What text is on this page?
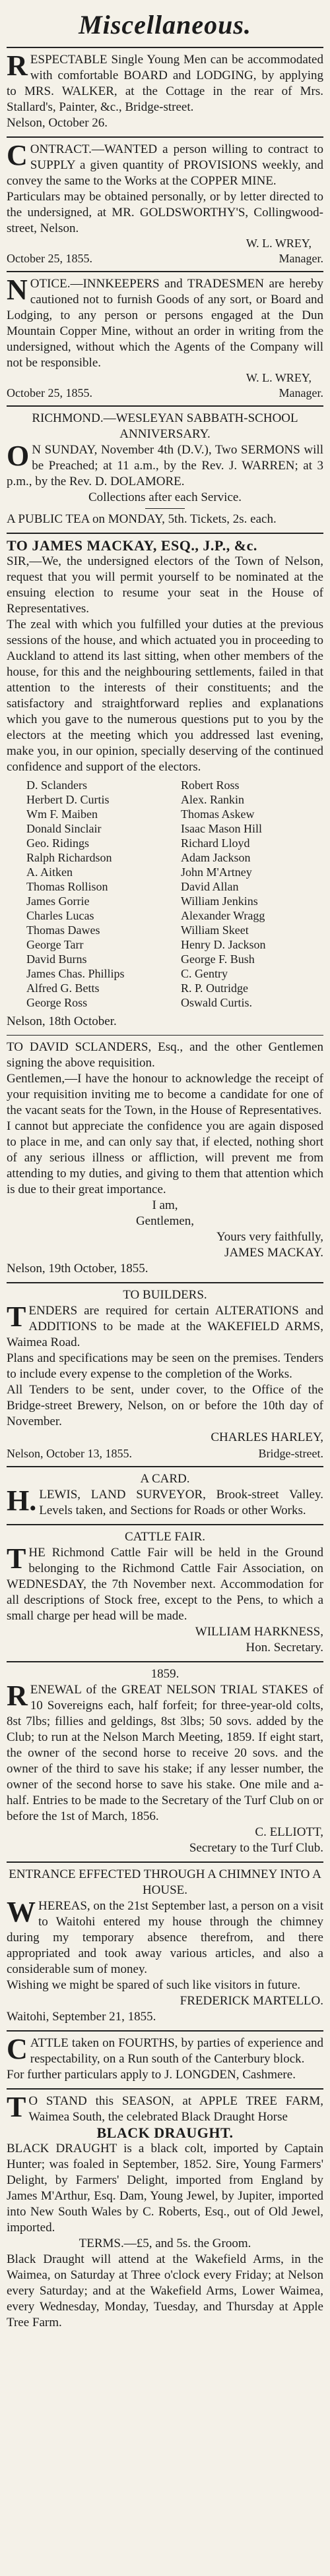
Miscellaneous.
R ESPECTABLE Single Young Men can be accommodated with comfortable BOARD and LODGING, by applying to MRS. WALKER, at the Cottage in the rear of Mrs. Stallard's, Painter, &c., Bridge-street.

Nelson, October 26.

C ONTRACT.—WANTED a person willing to contract to SUPPLY a given quantity of PROVISIONS weekly, and convey the same to the Works at the COPPER MINE.

Particulars may be obtained personally, or by letter directed to the undersigned, at MR. GOLDSWORTHY'S, Collingwood-street, Nelson.

W. L. WREY,
October 25, 1855.	Manager.
N OTICE.—INNKEEPERS and TRADESMEN are hereby cautioned not to furnish Goods of any sort, or Board and Lodging, to any person or persons engaged at the Dun Mountain Copper Mine, without an order in writing from the undersigned, without which the Agents of the Company will not be responsible.

W. L. WREY,
October 25, 1855.	Manager.

RICHMOND.—WESLEYAN SABBATH-SCHOOL ANNIVERSARY.

O N SUNDAY, November 4th (D.V.), Two SERMONS will be Preached; at 11 a.m., by the Rev. J. WARREN; at 3 p.m., by the Rev. D. DOLAMORE.

Collections after each Service.

A PUBLIC TEA on MONDAY, 5th. Tickets, 2s. each.

TO JAMES MACKAY, ESQ., J.P., &c.

SIR,—We, the undersigned electors of the Town of Nelson, request that you will permit yourself to be nominated at the ensuing election to resume your seat in the House of Representatives.

The zeal with which you fulfilled your duties at the previous sessions of the house, and which actuated you in proceeding to Auckland to attend its last sitting, when other members of the house, for this and the neighbouring settlements, failed in that attention to the interests of their constituents; and the satisfactory and straightforward replies and explanations which you gave to the numerous questions put to you by the electors at the meeting which you addressed last evening, make you, in our opinion, specially deserving of the continued confidence and support of the electors.

D. Sclanders	Robert Ross
Herbert D. Curtis	Alex. Rankin
Wm F. Maiben	Thomas Askew
Donald Sinclair	Isaac Mason Hill
Geo. Ridings	Richard Lloyd
Ralph Richardson	Adam Jackson
A. Aitken	John M'Artney
Thomas Rollison	David Allan
James Gorrie	William Jenkins
Charles Lucas	Alexander Wragg
Thomas Dawes	William Skeet
George Tarr	Henry D. Jackson
David Burns	George F. Bush
James Chas. Phillips	C. Gentry
Alfred G. Betts	R. P. Outridge
George Ross	Oswald Curtis.

Nelson, 18th October.

TO DAVID SCLANDERS, Esq., and the other Gentlemen signing the above requisition.

Gentlemen,—I have the honour to acknowledge the receipt of your requisition inviting me to become a candidate for one of the vacant seats for the Town, in the House of Representatives.

I cannot but appreciate the confidence you are again disposed to place in me, and can only say that, if elected, nothing short of any serious illness or affliction, will prevent me from attending to my duties, and giving to them that attention which is due to their great importance.

I am,

Gentlemen,

Yours very faithfully,

JAMES MACKAY.

Nelson, 19th October, 1855.

TO BUILDERS.

T ENDERS are required for certain ALTERATIONS and ADDITIONS to be made at the WAKEFIELD ARMS, Waimea Road.

Plans and specifications may be seen on the premises. Tenders to include every expense to the completion of the Works.

All Tenders to be sent, under cover, to the Office of the Bridge-street Brewery, Nelson, on or before the 10th day of November.

CHARLES HARLEY,

Nelson, October 13, 1855.	Bridge-street.

A CARD.

H. LEWIS, LAND SURVEYOR, Brook-street Valley. Levels taken, and Sections for Roads or other Works.

CATTLE FAIR.

T HE Richmond Cattle Fair will be held in the Ground belonging to the Richmond Cattle Fair Association, on WEDNESDAY, the 7th November next. Accommodation for all descriptions of Stock free, except to the Pens, to which a small charge per head will be made.

WILLIAM HARKNESS,

Hon. Secretary.

1859.

R ENEWAL of the GREAT NELSON TRIAL STAKES of 10 Sovereigns each, half forfeit; for three-year-old colts, 8st 7lbs; fillies and geldings, 8st 3lbs; 50 sovs. added by the Club; to run at the Nelson March Meeting, 1859. If eight start, the owner of the second horse to receive 20 sovs. and the owner of the third to save his stake; if any lesser number, the owner of the second horse to save his stake. One mile and a-half. Entries to be made to the Secretary of the Turf Club on or before the 1st of March, 1856.

C. ELLIOTT,

Secretary to the Turf Club.

ENTRANCE EFFECTED THROUGH A CHIMNEY INTO A HOUSE.

W HEREAS, on the 21st September last, a person on a visit to Waitohi entered my house through the chimney during my temporary absence therefrom, and there appropriated and took away various articles, and also a considerable sum of money.

Wishing we might be spared of such like visitors in future.

FREDERICK MARTELLO.

Waitohi, September 21, 1855.

C ATTLE taken on FOURTHS, by parties of experience and respectability, on a Run south of the Canterbury block.

For further particulars apply to J. LONGDEN, Cashmere.

T O STAND this SEASON, at APPLE TREE FARM, Waimea South, the celebrated Black Draught Horse

BLACK DRAUGHT.

BLACK DRAUGHT is a black colt, imported by Captain Hunter; was foaled in September, 1852. Sire, Young Farmers' Delight, by Farmers' Delight, imported from England by James M'Arthur, Esq. Dam, Young Jewel, by Jupiter, imported into New South Wales by C. Roberts, Esq., out of Old Jewel, imported.

TERMS.—£5, and 5s. the Groom.

Black Draught will attend at the Wakefield Arms, in the Waimea, on Saturday at Three o'clock every Friday; at Nelson every Saturday; and at the Wakefield Arms, Lower Waimea, every Wednesday, Monday, Tuesday, and Thursday at Apple Tree Farm.
